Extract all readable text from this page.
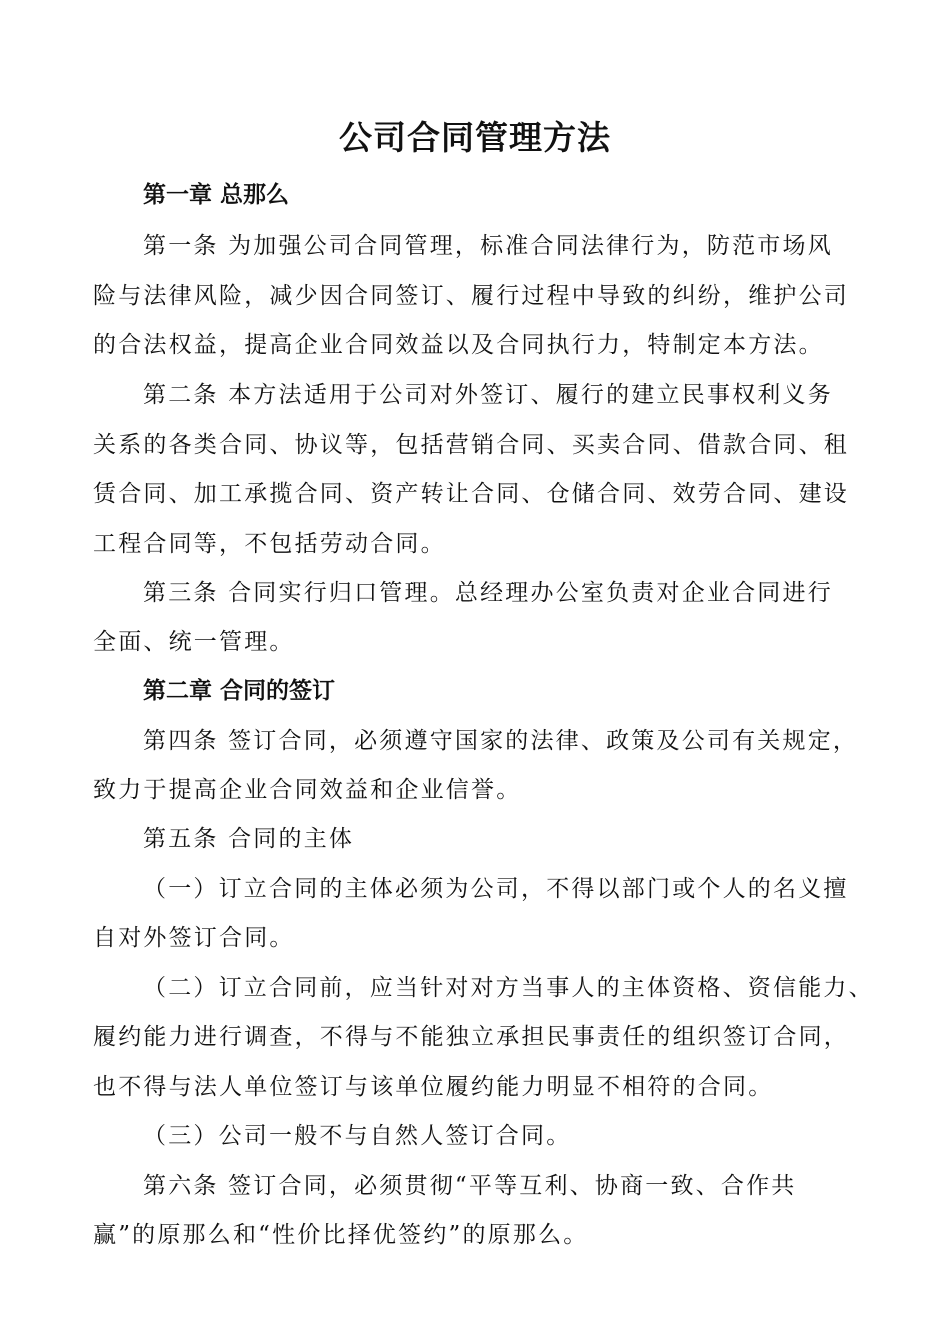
公司合同管理方法
第一章 总那么
第一条 为加强公司合同管理，标准合同法律行为，防范市场风
险与法律风险，减少因合同签订、履行过程中导致的纠纷，维护公司
的合法权益，提高企业合同效益以及合同执行力，特制定本方法。
第二条 本方法适用于公司对外签订、履行的建立民事权利义务
关系的各类合同、协议等，包括营销合同、买卖合同、借款合同、租
赁合同、加工承揽合同、资产转让合同、仓储合同、效劳合同、建设
工程合同等，不包括劳动合同。
第三条 合同实行归口管理。总经理办公室负责对企业合同进行
全面、统一管理。
第二章 合同的签订
第四条 签订合同，必须遵守国家的法律、政策及公司有关规定，
致力于提高企业合同效益和企业信誉。
第五条 合同的主体
（一）订立合同的主体必须为公司，不得以部门或个人的名义擅
自对外签订合同。
（二）订立合同前，应当针对对方当事人的主体资格、资信能力、
履约能力进行调查，不得与不能独立承担民事责任的组织签订合同，
也不得与法人单位签订与该单位履约能力明显不相符的合同。
（三）公司一般不与自然人签订合同。
第六条 签订合同，必须贯彻“平等互利、协商一致、合作共
赢”的原那么和“性价比择优签约”的原那么。
